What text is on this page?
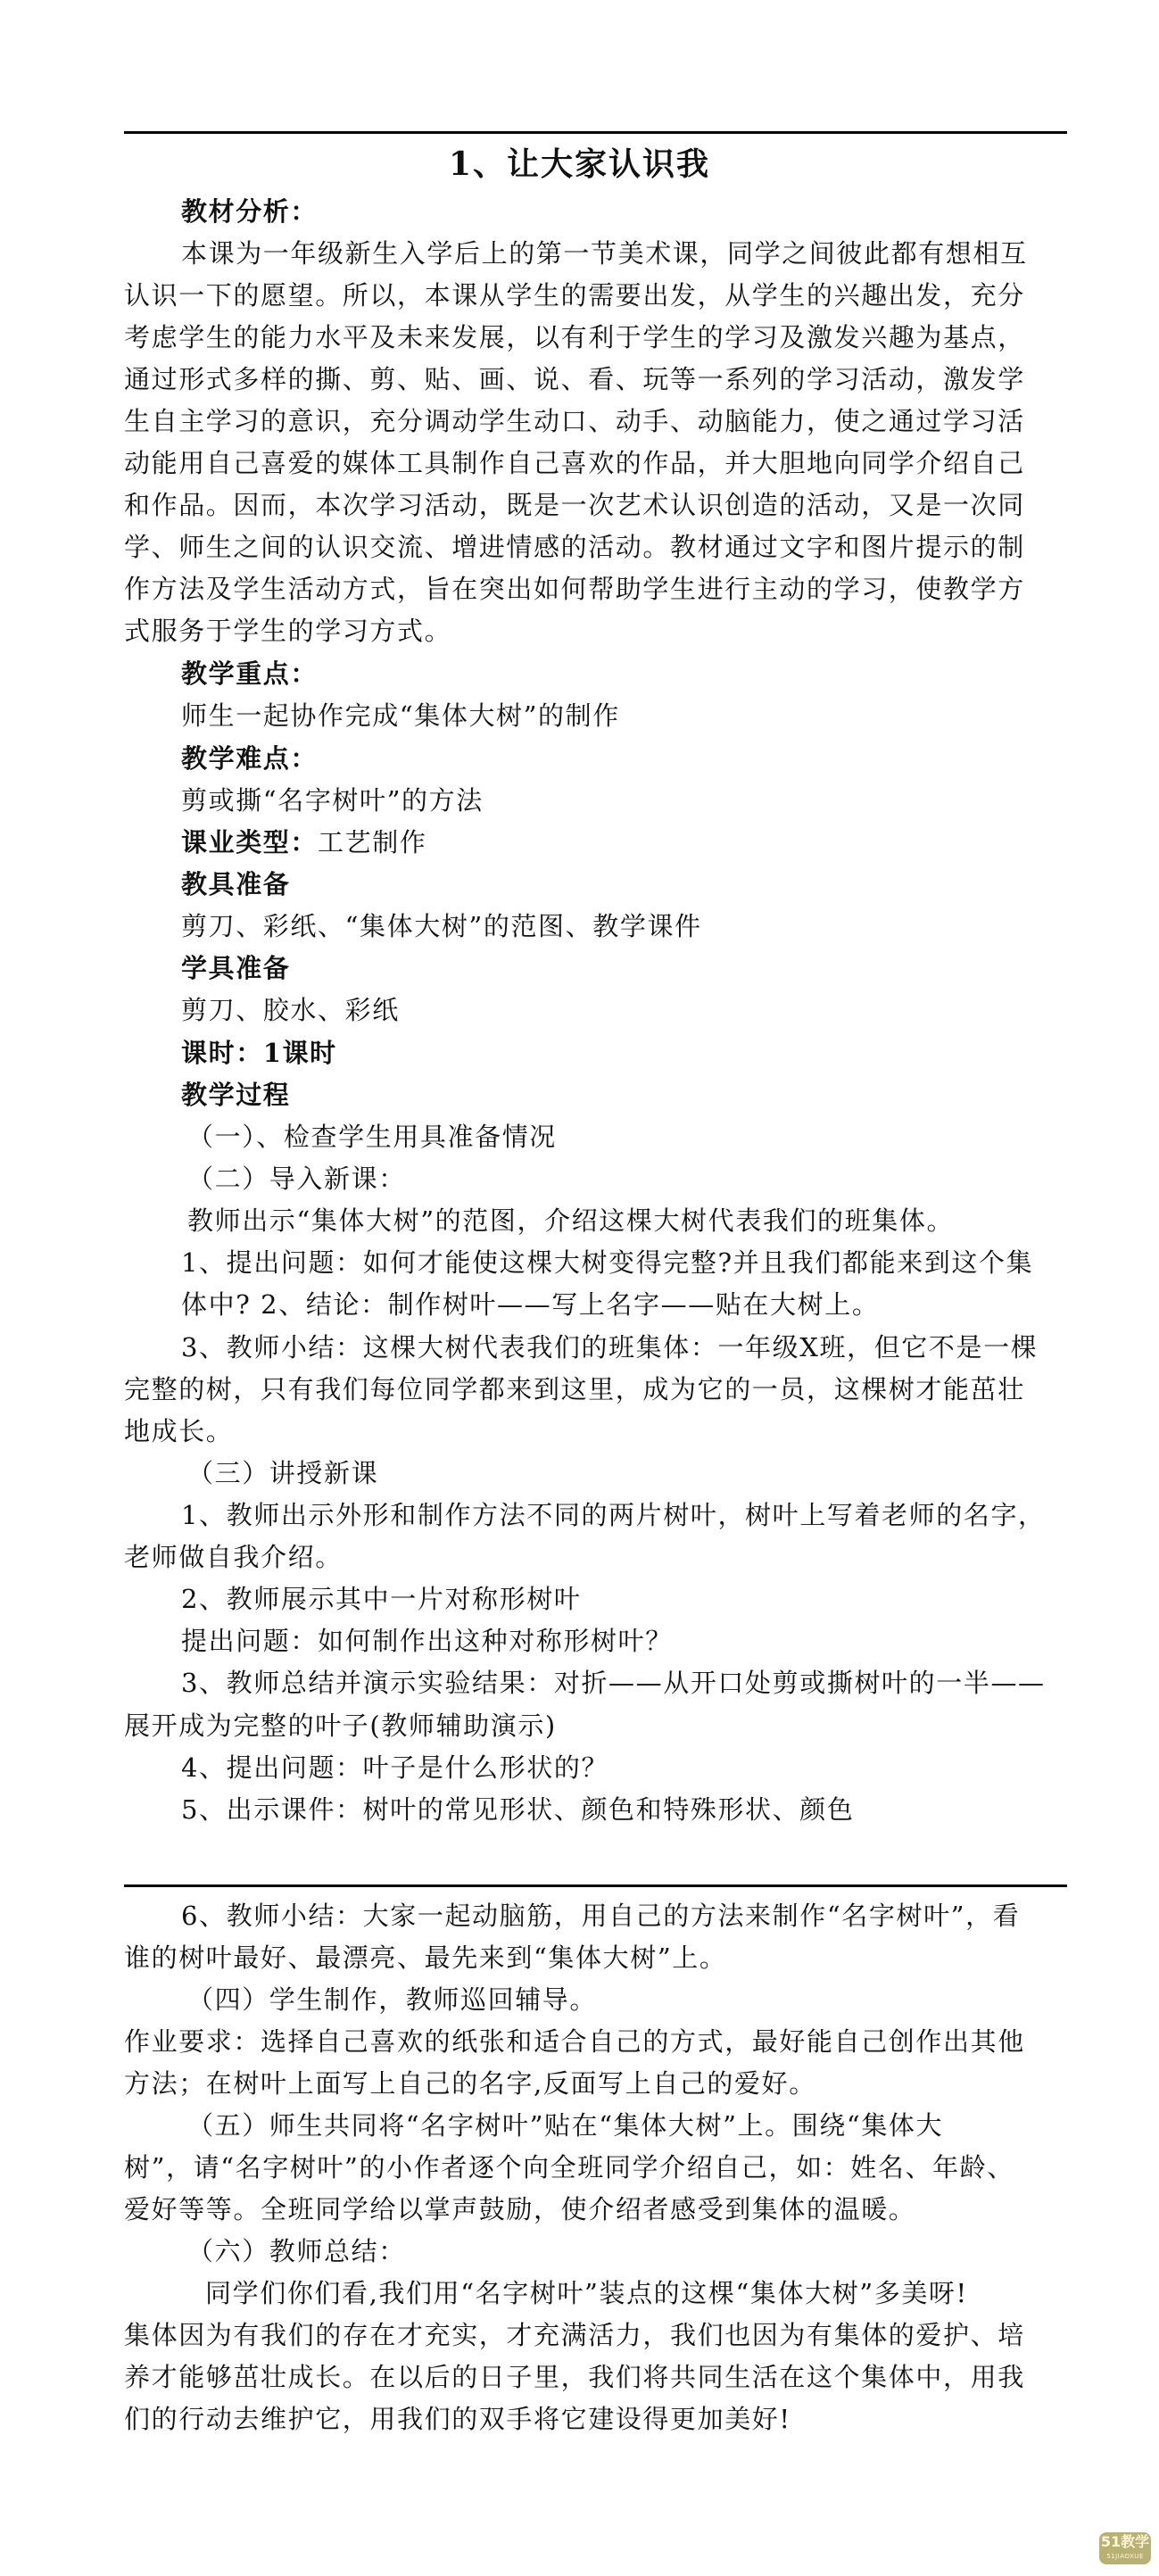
1、让大家认识我
教材分析：
本课为一年级新生入学后上的第一节美术课，同学之间彼此都有想相互
认识一下的愿望。所以，本课从学生的需要出发，从学生的兴趣出发，充分
考虑学生的能力水平及未来发展，以有利于学生的学习及激发兴趣为基点，
通过形式多样的撕、剪、贴、画、说、看、玩等一系列的学习活动，激发学
生自主学习的意识，充分调动学生动口、动手、动脑能力，使之通过学习活
动能用自己喜爱的媒体工具制作自己喜欢的作品，并大胆地向同学介绍自己
和作品。因而，本次学习活动，既是一次艺术认识创造的活动，又是一次同
学、师生之间的认识交流、增进情感的活动。教材通过文字和图片提示的制
作方法及学生活动方式，旨在突出如何帮助学生进行主动的学习，使教学方
式服务于学生的学习方式。
教学重点：
师生一起协作完成“集体大树”的制作
教学难点：
剪或撕“名字树叶”的方法
课业类型：工艺制作
教具准备
剪刀、彩纸、“集体大树”的范图、教学课件
学具准备
剪刀、胶水、彩纸
课时：1课时
教学过程
（一）、检查学生用具准备情况
（二）导入新课：
教师出示“集体大树”的范图，介绍这棵大树代表我们的班集体。
1、提出问题：如何才能使这棵大树变得完整?并且我们都能来到这个集
体中? 2、结论：制作树叶——写上名字——贴在大树上。
3、教师小结：这棵大树代表我们的班集体：一年级X班，但它不是一棵
完整的树，只有我们每位同学都来到这里，成为它的一员，这棵树才能茁壮
地成长。
（三）讲授新课
1、教师出示外形和制作方法不同的两片树叶，树叶上写着老师的名字，
老师做自我介绍。
2、教师展示其中一片对称形树叶
提出问题：如何制作出这种对称形树叶？
3、教师总结并演示实验结果：对折——从开口处剪或撕树叶的一半——
展开成为完整的叶子(教师辅助演示)
4、提出问题：叶子是什么形状的？
5、出示课件：树叶的常见形状、颜色和特殊形状、颜色
6、教师小结：大家一起动脑筋，用自己的方法来制作“名字树叶”，看
谁的树叶最好、最漂亮、最先来到“集体大树”上。
（四）学生制作，教师巡回辅导。
作业要求：选择自己喜欢的纸张和适合自己的方式，最好能自己创作出其他
方法；在树叶上面写上自己的名字,反面写上自己的爱好。
（五）师生共同将“名字树叶”贴在“集体大树”上。围绕“集体大
树”，请“名字树叶”的小作者逐个向全班同学介绍自己，如：姓名、年龄、
爱好等等。全班同学给以掌声鼓励，使介绍者感受到集体的温暖。
（六）教师总结：
同学们你们看,我们用“名字树叶”装点的这棵“集体大树”多美呀!
集体因为有我们的存在才充实，才充满活力，我们也因为有集体的爱护、培
养才能够茁壮成长。在以后的日子里，我们将共同生活在这个集体中，用我
们的行动去维护它，用我们的双手将它建设得更加美好!
51教学
51JIAOXUE
